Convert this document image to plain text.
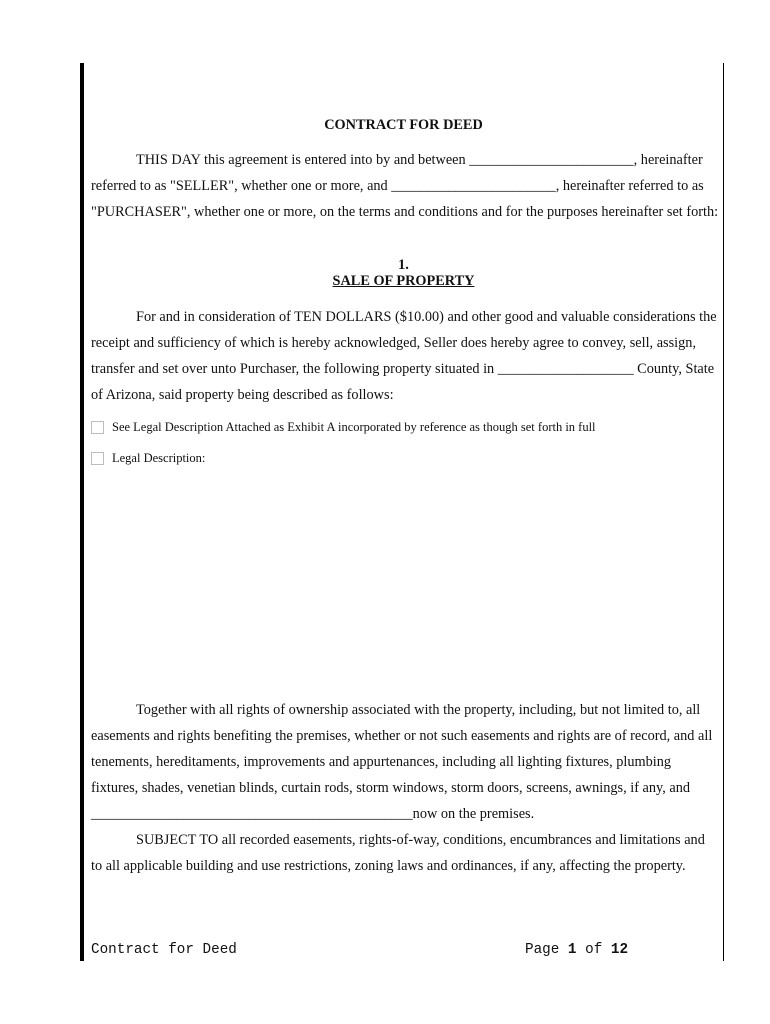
CONTRACT FOR DEED

THIS DAY this agreement is entered into by and between _______________________, hereinafter referred to as "SELLER", whether one or more, and _______________________, hereinafter referred to as "PURCHASER", whether one or more, on the terms and conditions and for the purposes hereinafter set forth:

1.
SALE OF PROPERTY

For and in consideration of TEN DOLLARS ($10.00) and other good and valuable considerations the receipt and sufficiency of which is hereby acknowledged, Seller does hereby agree to convey, sell, assign, transfer and set over unto Purchaser, the following property situated in ___________________ County, State of Arizona, said property being described as follows:

See Legal Description Attached as Exhibit A incorporated by reference as though set forth in full
Legal Description:

Together with all rights of ownership associated with the property, including, but not limited to, all easements and rights benefiting the premises, whether or not such easements and rights are of record, and all tenements, hereditaments, improvements and appurtenances, including all lighting fixtures, plumbing fixtures, shades, venetian blinds, curtain rods, storm windows, storm doors, screens, awnings, if any, and _____________________________________________now on the premises.

SUBJECT TO all recorded easements, rights-of-way, conditions, encumbrances and limitations and to all applicable building and use restrictions, zoning laws and ordinances, if any, affecting the property.

Contract for Deed	Page 1 of 12
